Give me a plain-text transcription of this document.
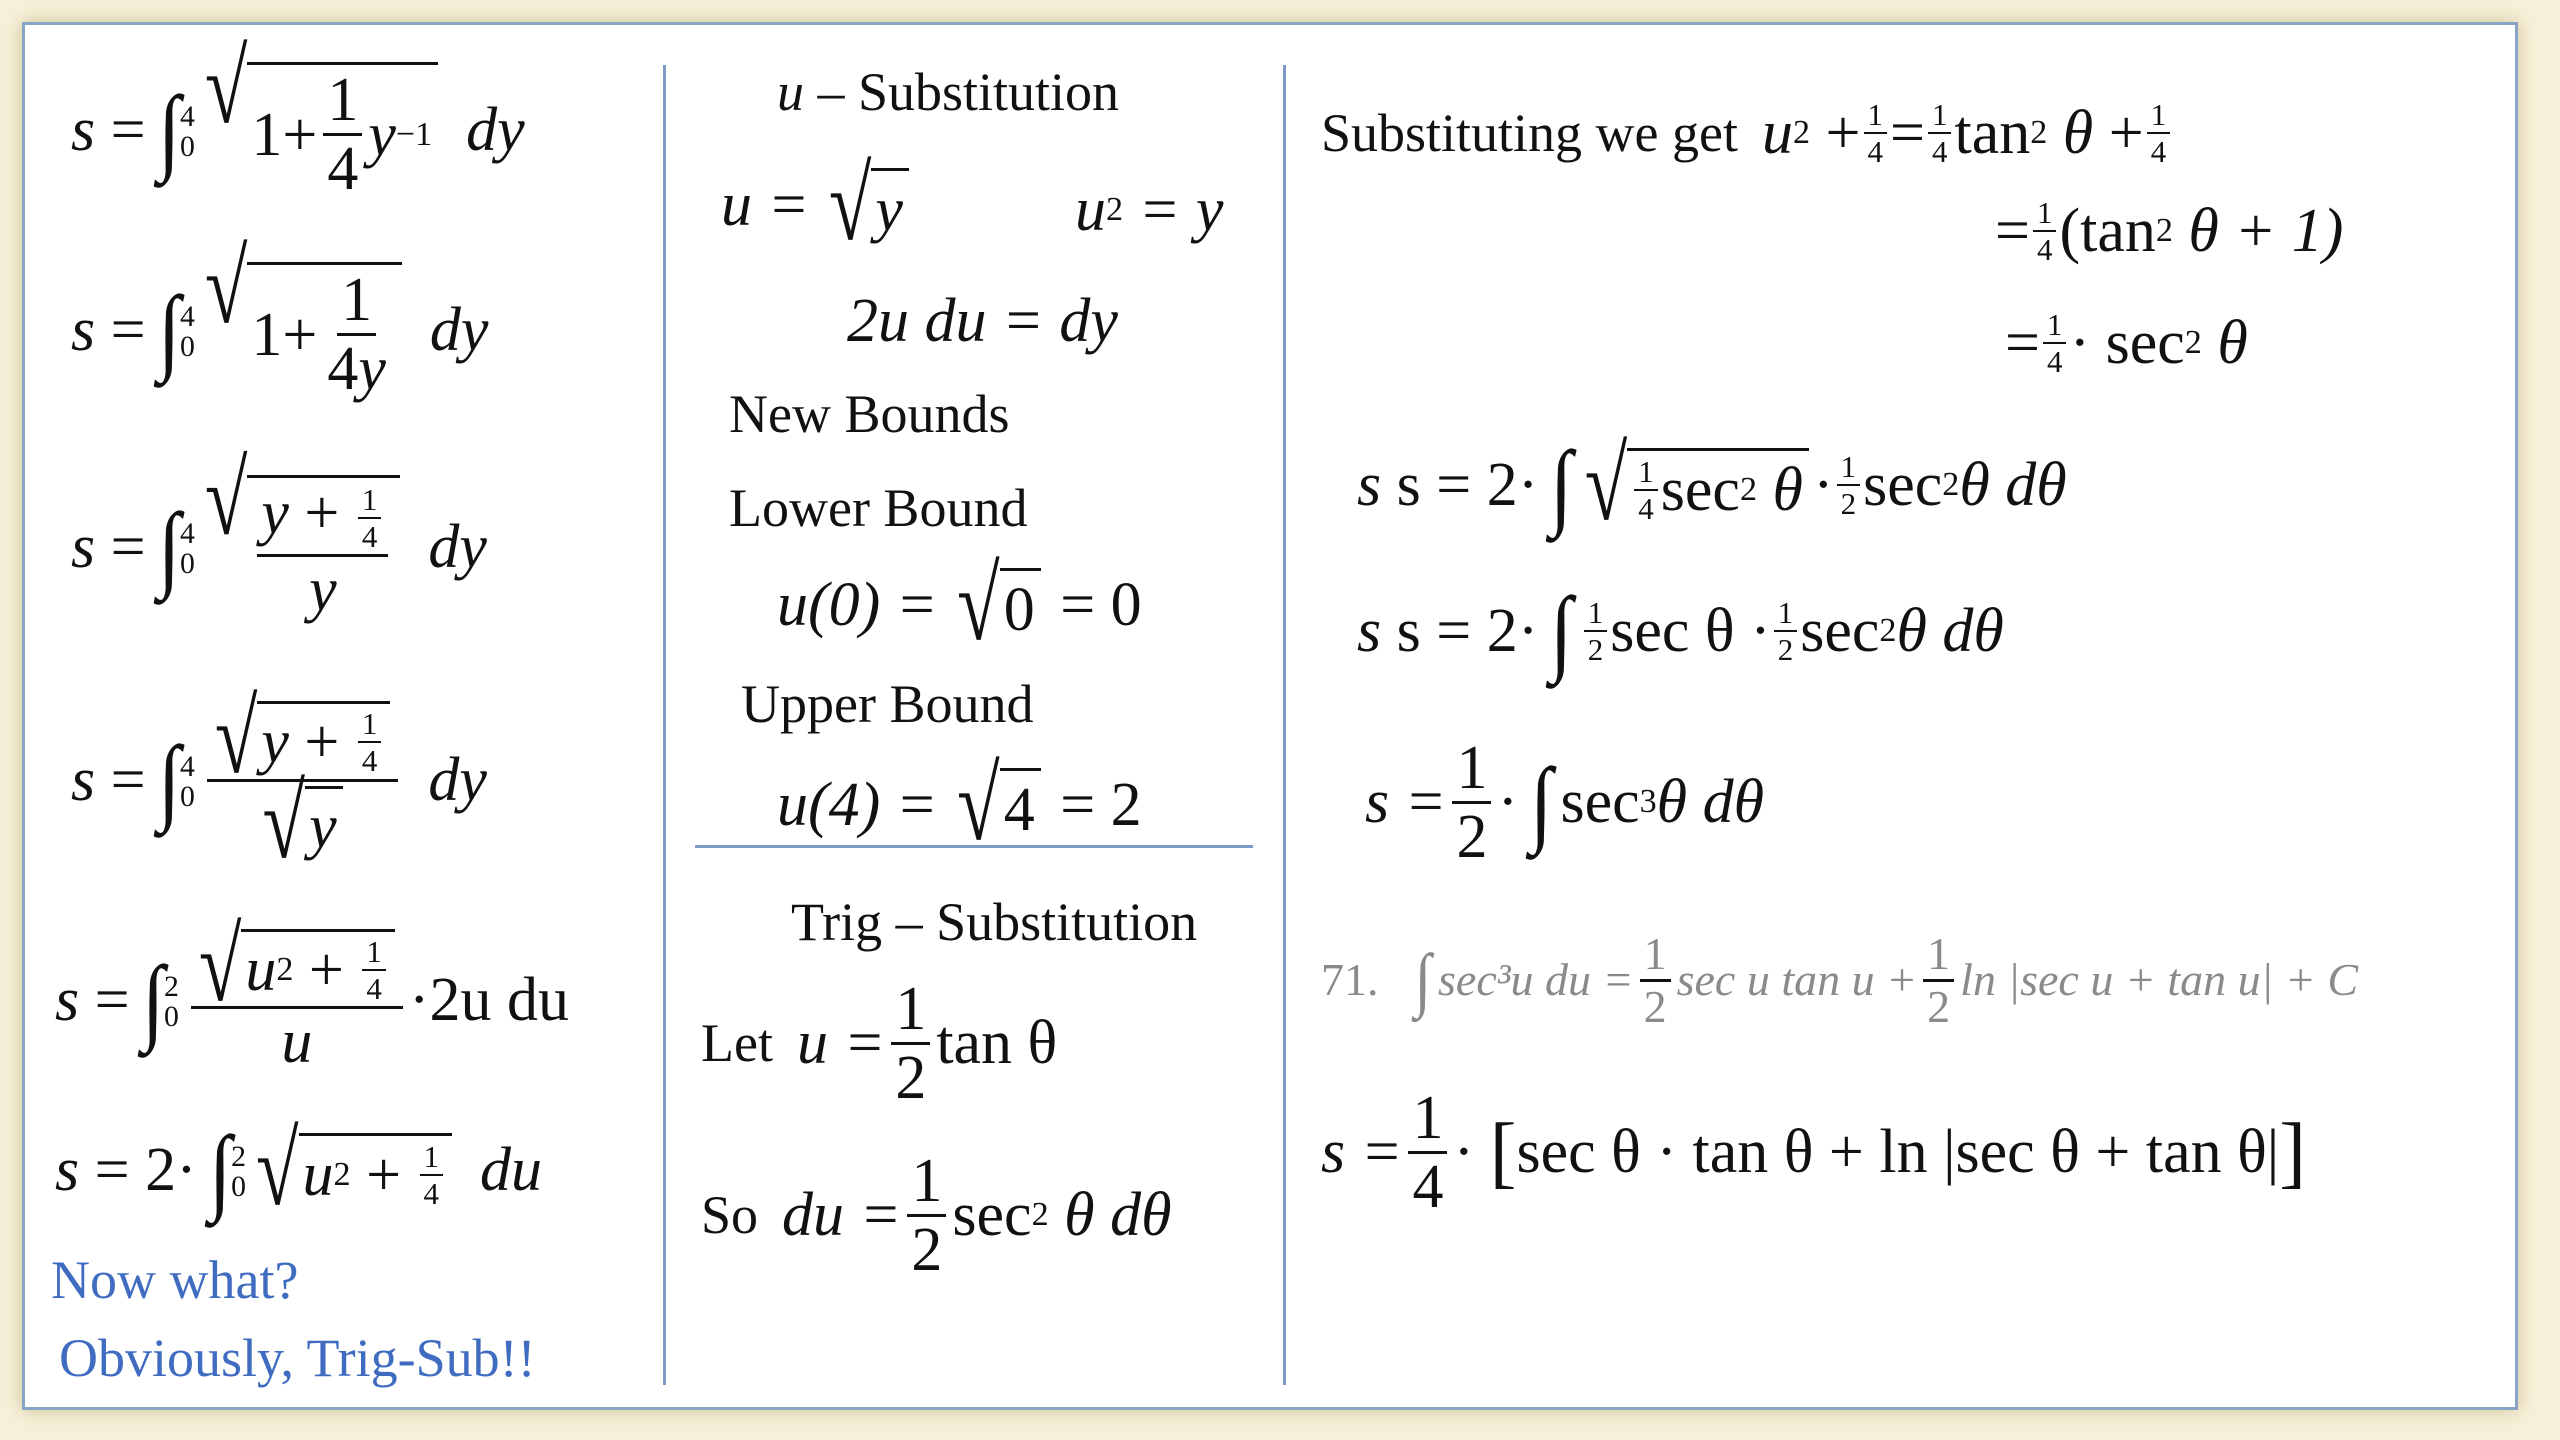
s
= ∫ 4
0
√ $1 + \frac{1}{4}$ y −1 dy
s
= ∫ 4
0
√ $1 + \frac{1}{4y}$ dy
s
= ∫ 4
0
√ $\frac{y + \frac{1}{4}}{y}$ dy
s
= ∫ 4
0 √ y
+
$\frac{1}{4}$
√ y dy
s
= ∫ 2
0 √ u 2
+
$\frac{1}{4}$
u ·2u du
s
=
2· ∫ 2
0 √ u 2
+
$\frac{1}{4}$ du
Now what?
Obviously, Trig-Sub!!
u
– Substitution
u =
√ y	u 2
= y
2u du = dy
New Bounds
Lower Bound
u(0) =
√ 0
= 0
Upper Bound
u(4) =
√ 4
= 2
Trig – Substitution
Let $u = \frac{1}{2}$ tan θ
So du = $\frac{1}{2}$ sec 2
θ dθ
Substituting we get u 2
+ $\frac{1}{4} = \frac{1}{4}$ tan 2
θ
+ $\frac{1}{4}$
= $\frac{1}{4} (\tan$ 2
θ + 1)
= $\frac{1}{4} \cdot \sec 2$
θ
s
s = 2· ∫ √ $\frac{1}{4}$ sec 2
$\theta \cdot \frac{1}{2}$ sec 2 θ dθ
s
s = 2· ∫ $\frac{1}{2}$ $\sec \theta \cdot \frac{1}{2}$ sec 2 θ dθ
$s = \frac{1}{2}$ · ∫ sec 3 θ dθ
71. ∫ sec³u du = $\frac{1}{2}$ sec u $\tan u + \frac{1}{2}$ ln |sec u + tan u| + C
$s = \frac{1}{4}$ ·
[ sec θ · tan θ + ln |sec θ + tan θ| ]
